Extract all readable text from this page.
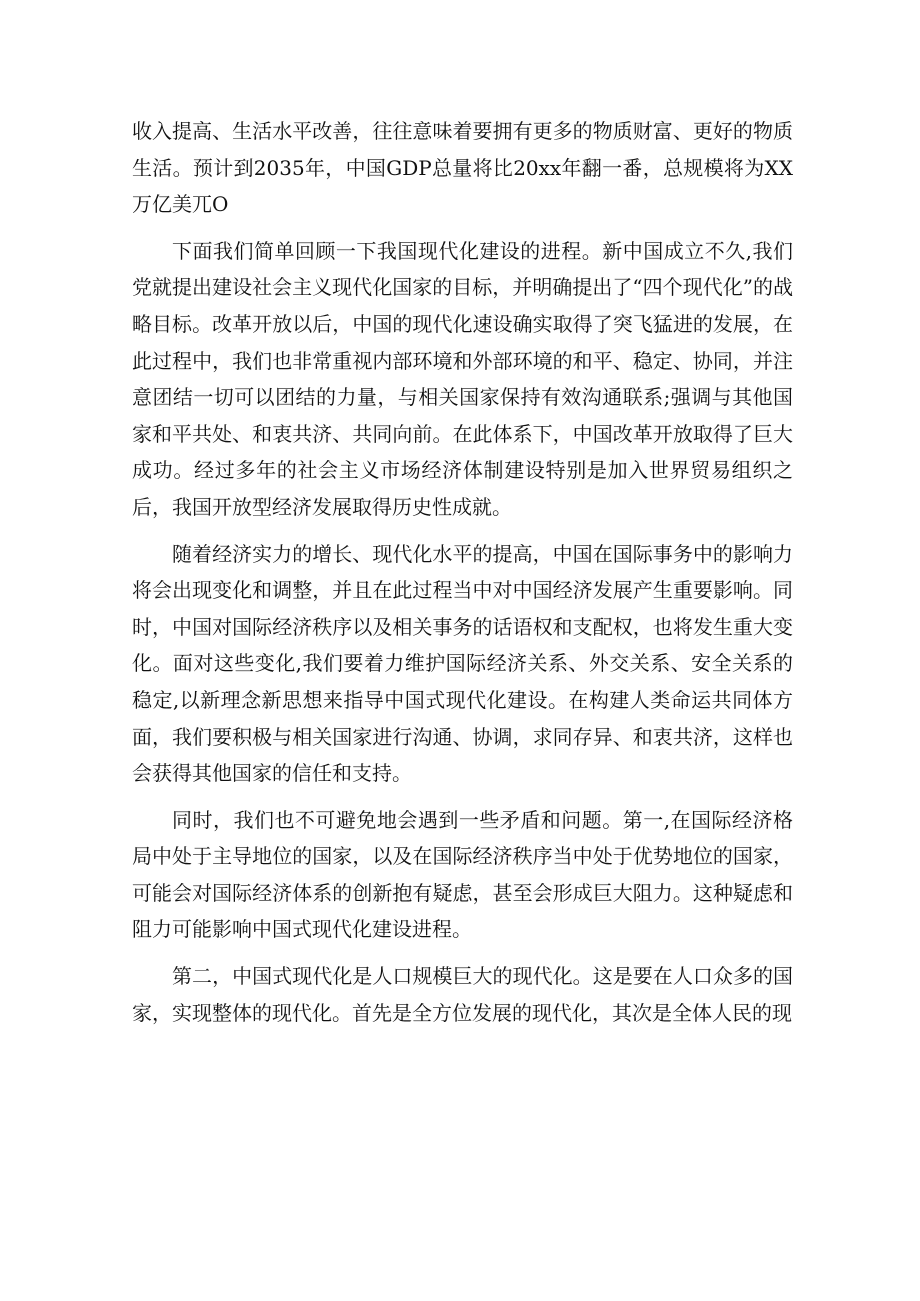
收入提高、生活水平改善，往往意味着要拥有更多的物质财富、更好的物质生活。预计到2035年，中国GDP总量将比20xx年翻一番，总规模将为XX万亿美兀O

下面我们简单回顾一下我国现代化建设的进程。新中国成立不久,我们党就提出建设社会主义现代化国家的目标，并明确提出了“四个现代化”的战略目标。改革开放以后，中国的现代化速设确实取得了突飞猛进的发展，在此过程中，我们也非常重视内部环境和外部环境的和平、稳定、协同，并注意团结一切可以团结的力量，与相关国家保持有效沟通联系;强调与其他国家和平共处、和衷共济、共同向前。在此体系下，中国改革开放取得了巨大成功。经过多年的社会主义市场经济体制建设特别是加入世界贸易组织之后，我国开放型经济发展取得历史性成就。

随着经济实力的增长、现代化水平的提高，中国在国际事务中的影响力将会出现变化和调整，并且在此过程当中对中国经济发展产生重要影响。同时，中国对国际经济秩序以及相关事务的话语权和支配权，也将发生重大变化。面对这些变化,我们要着力维护国际经济关系、外交关系、安全关系的稳定,以新理念新思想来指导中国式现代化建设。在构建人类命运共同体方面，我们要积极与相关国家进行沟通、协调，求同存异、和衷共济，这样也会获得其他国家的信任和支持。

同时，我们也不可避免地会遇到一些矛盾和问题。第一,在国际经济格局中处于主导地位的国家，以及在国际经济秩序当中处于优势地位的国家，可能会对国际经济体系的创新抱有疑虑，甚至会形成巨大阻力。这种疑虑和阻力可能影响中国式现代化建设进程。

第二，中国式现代化是人口规模巨大的现代化。这是要在人口众多的国家，实现整体的现代化。首先是全方位发展的现代化，其次是全体人民的现
